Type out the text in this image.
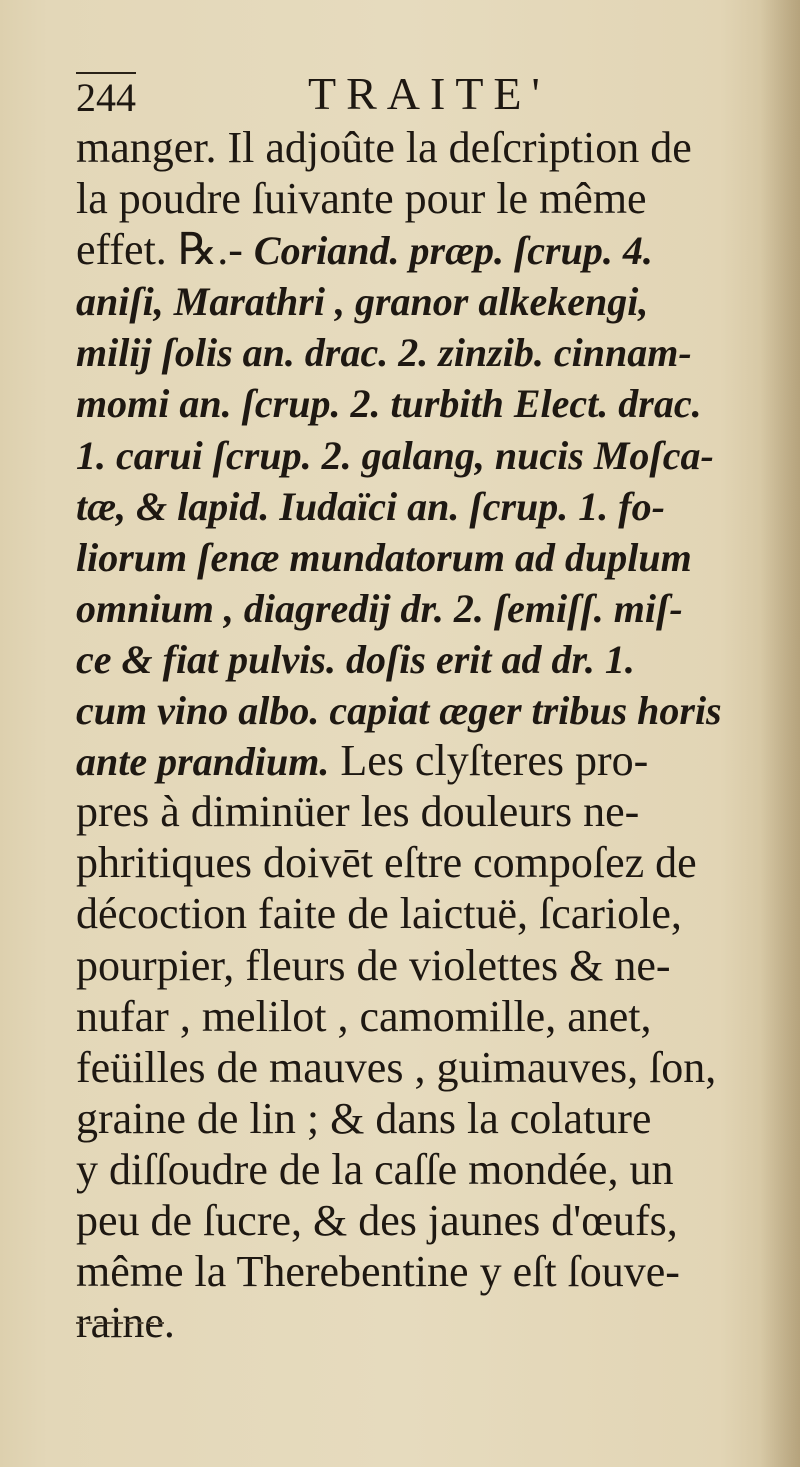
244	TRAITE'
manger. Il adjoûte la deſcription de
la poudre ſuivante pour le même
effet. ℞.- Coriand. præp. ſcrup. 4.
aniſi, Marathri , granor alkekengi,
milij ſolis an. drac. 2. zinzib. cinnam-
momi an. ſcrup. 2. turbith Elect. drac.
1. carui ſcrup. 2. galang, nucis Moſca-
tæ, & lapid. Iudaïci an. ſcrup. 1. fo-
liorum ſenæ mundatorum ad duplum
omnium , diagredij dr. 2. ſemiſſ. miſ-
ce & fiat pulvis. doſis erit ad dr. 1.
cum vino albo. capiat æger tribus horis
ante prandium. Les clyſteres pro-
pres à diminüer les douleurs ne-
phritiques doivēt eſtre compoſez de
décoction faite de laictuë, ſcariole,
pourpier, fleurs de violettes & ne-
nufar , melilot , camomille, anet,
feüilles de mauves , guimauves, ſon,
graine de lin ; & dans la colature
y diſſoudre de la caſſe mondée, un
peu de ſucre, & des jaunes d'œufs,
même la Therebentine y eſt ſouve-
raine.
